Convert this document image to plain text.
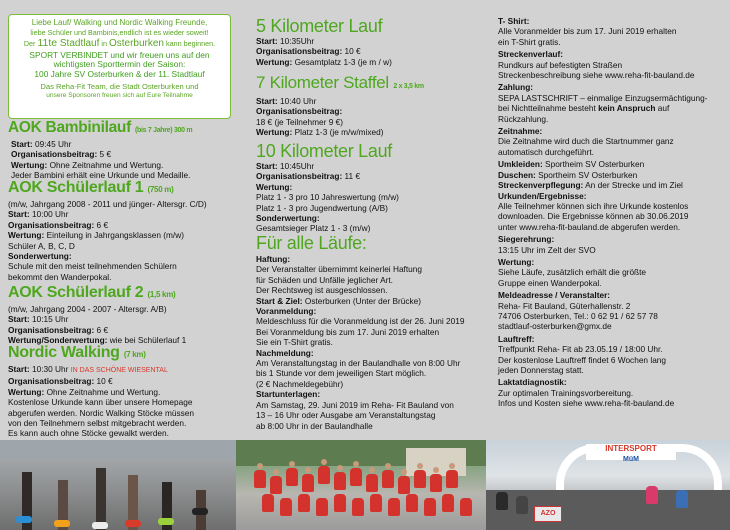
Liebe Lauf/ Walking und Nordic Walking Freunde,

liebe Schüler und Bambinis,endlich ist es wieder soweit!

Der 11te Stadtlauf in Osterburken kann beginnen.

SPORT VERBINDET und wir freuen uns auf den

wichtigsten Sporttermin der Saison:

100 Jahre SV Osterburken & der 11. Stadtlauf

Das Reha-Fit Team, die Stadt Osterburken und

unsere Sponsoren freuen sich auf Eure Teilnahme

AOK Bambinilauf (bis 7 Jahre) 300 m

Start: 09:45 Uhr

Organisationsbeitrag: 5 €

Wertung: Ohne Zeitnahme und Wertung.

Jeder Bambini erhält eine Urkunde und Medaille.

AOK Schülerlauf 1 (750 m)

(m/w, Jahrgang 2008 - 2011 und jünger- Altersgr. C/D)

Start: 10:00 Uhr

Organisationsbeitrag: 6 €

Wertung: Einteilung in Jahrgangsklassen (m/w)

Schüler A, B, C, D

Sonderwertung:

Schule mit den meist teilnehmenden Schülern

bekommt den Wanderpokal.

AOK Schülerlauf 2 (1,5 km)

(m/w, Jahrgang 2004 - 2007 - Altersgr. A/B)

Start: 10:15 Uhr

Organisationsbeitrag: 6 €

Wertung/Sonderwertung: wie bei Schülerlauf 1

Nordic Walking (7 km)

Start: 10:30 Uhr IN DAS SCHÖNE WIESENTAL

Organisationsbeitrag: 10 €

Wertung: Ohne Zeitnahme und Wertung.

Kostenlose Urkunde kann über unsere Homepage

abgerufen werden. Nordic Walking Stöcke müssen

von den Teilnehmern selbst mitgebracht werden.

Es kann auch ohne Stöcke gewalkt werden.

5 Kilometer Lauf

Start: 10:35Uhr

Organisationsbeitrag: 10 €

Wertung: Gesamtplatz 1-3 (je m / w)

7 Kilometer Staffel 2 x 3,5 km

Start: 10:40 Uhr

Organisationsbeitrag:

18 € (je Teilnehmer 9 €)

Wertung: Platz 1-3 (je m/w/mixed)

10 Kilometer Lauf

Start: 10:45Uhr

Organisationsbeitrag: 11 €

Wertung:

Platz 1 - 3 pro 10 Jahreswertung (m/w)

Platz 1 - 3 pro Jugendwertung (A/B)

Sonderwertung:

Gesamtsieger Platz 1 - 3 (m/w)

Für alle Läufe:

Haftung:

Der Veranstalter übernimmt keinerlei Haftung

für Schäden und Unfälle jeglicher Art.

Der Rechtsweg ist ausgeschlossen.

Start & Ziel: Osterburken (Unter der Brücke)

Voranmeldung:

Meldeschluss für die Voranmeldung ist der 26. Juni 2019

Bei Voranmeldung bis zum 17. Juni 2019 erhalten

Sie ein T-Shirt gratis.

Nachmeldung:

Am Veranstaltungstag in der Baulandhalle von 8:00 Uhr

bis 1 Stunde vor dem jeweiligen Start möglich.

(2 € Nachmeldegebühr)

Startunterlagen:

Am Samstag, 29. Juni 2019 im Reha- Fit Bauland von

13 – 16 Uhr oder Ausgabe am Veranstaltungstag

ab 8:00 Uhr in der Baulandhalle

T- Shirt:

Alle Voranmelder bis zum 17. Juni 2019 erhalten

ein T-Shirt gratis.

Streckenverlauf:

Rundkurs auf befestigten Straßen

Streckenbeschreibung siehe www.reha-fit-bauland.de

Zahlung:

SEPA LASTSCHRIFT – einmalige Einzugsermächtigung-

bei Nichtteilnahme besteht kein Anspruch auf

Rückzahlung.

Zeitnahme:

Die Zeitnahme wird duch die Startnummer ganz

automatisch durchgeführt.

Umkleiden: Sportheim SV Osterburken

Duschen: Sportheim SV Osterburken

Streckenverpflegung: An der Strecke und im Ziel

Urkunden/Ergebnisse:

Alle Teilnehmer können sich ihre Urkunde kostenlos

downloaden. Die Ergebnisse können ab 30.06.2019

unter www.reha-fit-bauland.de abgerufen werden.

Siegerehrung:

13:15 Uhr im Zelt der SVO

Wertung:

Siehe Läufe, zusätzlich erhält die größte

Gruppe einen Wanderpokal.

Meldeadresse / Veranstalter:

Reha- Fit Bauland, Güterhallenstr. 2

74706 Osterburken, Tel.: 0 62 91 / 62 57 78

stadtlauf-osterburken@gmx.de

Lauftreff:

Treffpunkt Reha- Fit ab 23.05.19 / 18:00 Uhr.

Der kostenlose Lauftreff findet 6 Wochen lang

jeden Donnerstag statt.

Laktatdiagnostik:

Zur optimalen Trainingsvorbereitung.

Infos und Kosten siehe www.reha-fit-bauland.de

INTERSPORT
MüM
AZO
